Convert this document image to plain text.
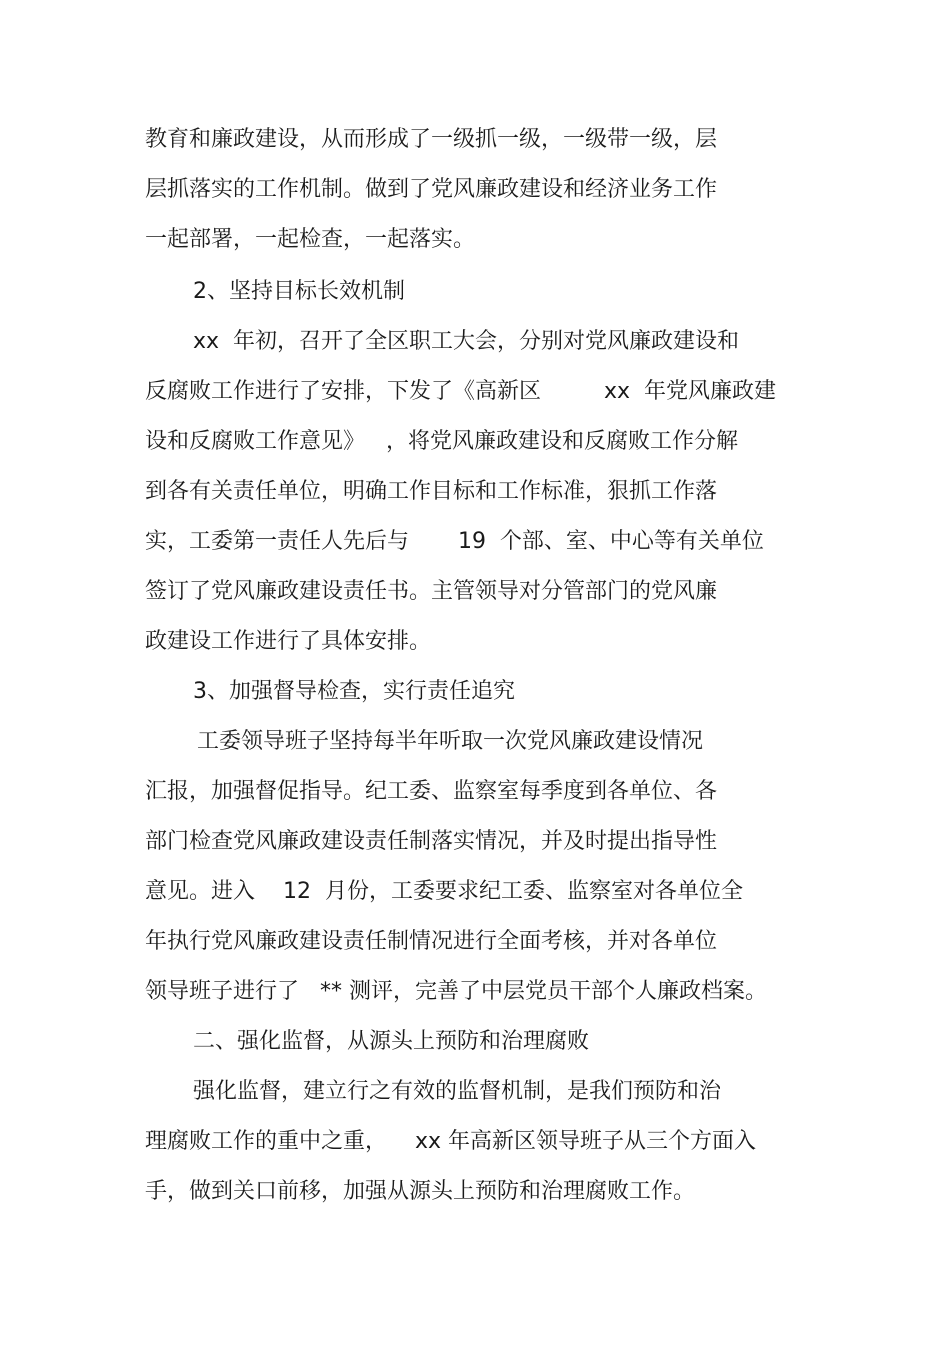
教育和廉政建设，从而形成了一级抓一级，一级带一级，层
层抓落实的工作机制。做到了党风廉政建设和经济业务工作
一起部署，一起检查，一起落实。
2、坚持目标长效机制
xx  年初，召开了全区职工大会，分别对党风廉政建设和
反腐败工作进行了安排，下发了《高新区         xx  年党风廉政建
设和反腐败工作意见》   ，将党风廉政建设和反腐败工作分解
到各有关责任单位，明确工作目标和工作标准，狠抓工作落
实，工委第一责任人先后与       19  个部、室、中心等有关单位
签订了党风廉政建设责任书。主管领导对分管部门的党风廉
政建设工作进行了具体安排。
3、加强督导检查，实行责任追究
工委领导班子坚持每半年听取一次党风廉政建设情况
汇报，加强督促指导。纪工委、监察室每季度到各单位、各
部门检查党风廉政建设责任制落实情况，并及时提出指导性
意见。进入    12  月份，工委要求纪工委、监察室对各单位全
年执行党风廉政建设责任制情况进行全面考核，并对各单位
领导班子进行了   ** 测评，完善了中层党员干部个人廉政档案。
二、强化监督，从源头上预防和治理腐败
强化监督，建立行之有效的监督机制，是我们预防和治
理腐败工作的重中之重，    xx 年高新区领导班子从三个方面入
手，做到关口前移，加强从源头上预防和治理腐败工作。
